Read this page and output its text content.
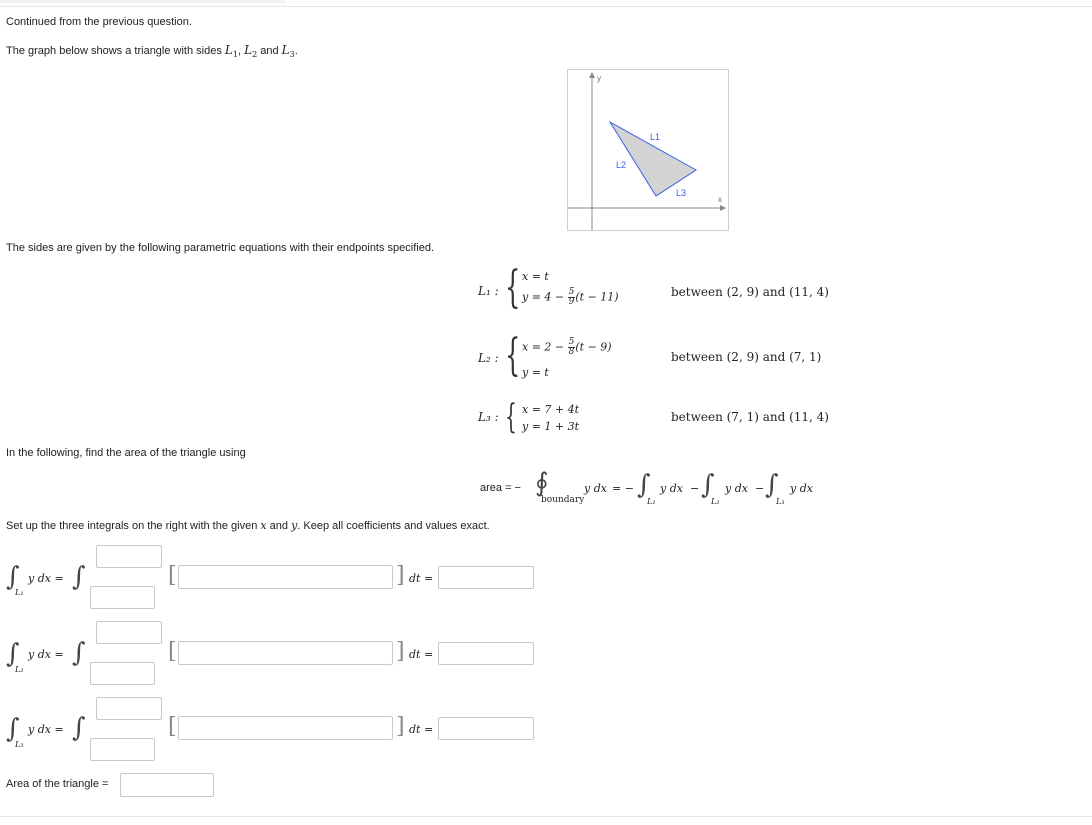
Continued from the previous question.
The graph below shows a triangle with sides $L_1$, $L_2$ and $L_3$.
y
x
L1
L2
L3
The sides are given by the following parametric equations with their endpoints specified.
L₁ : { x = t
$y = 4 - \frac{5}{9} (t - 11)$	between (2, 9) and (11, 4)
L₂ : { $x = 2 - \frac{5}{8} (t - 9)$
y = t
between (2, 9) and (7, 1)
L₃ : { x = 7 + 4t
y = 1 + 3t
between (7, 1) and (11, 4)
In the following, find the area of the triangle using
area = − ∮
boundary
y dx = − ∫
L₁
y dx − ∫
L₂
y dx − ∫
L₃
y dx
Set up the three integrals on the right with the given x and y. Keep all coefficients and values exact.
∫
L₁
y dx = ∫	[	] dt =
∫
L₂
y dx = ∫	[	] dt =
∫
L₃
y dx = ∫	[	] dt =
Area of the triangle =
